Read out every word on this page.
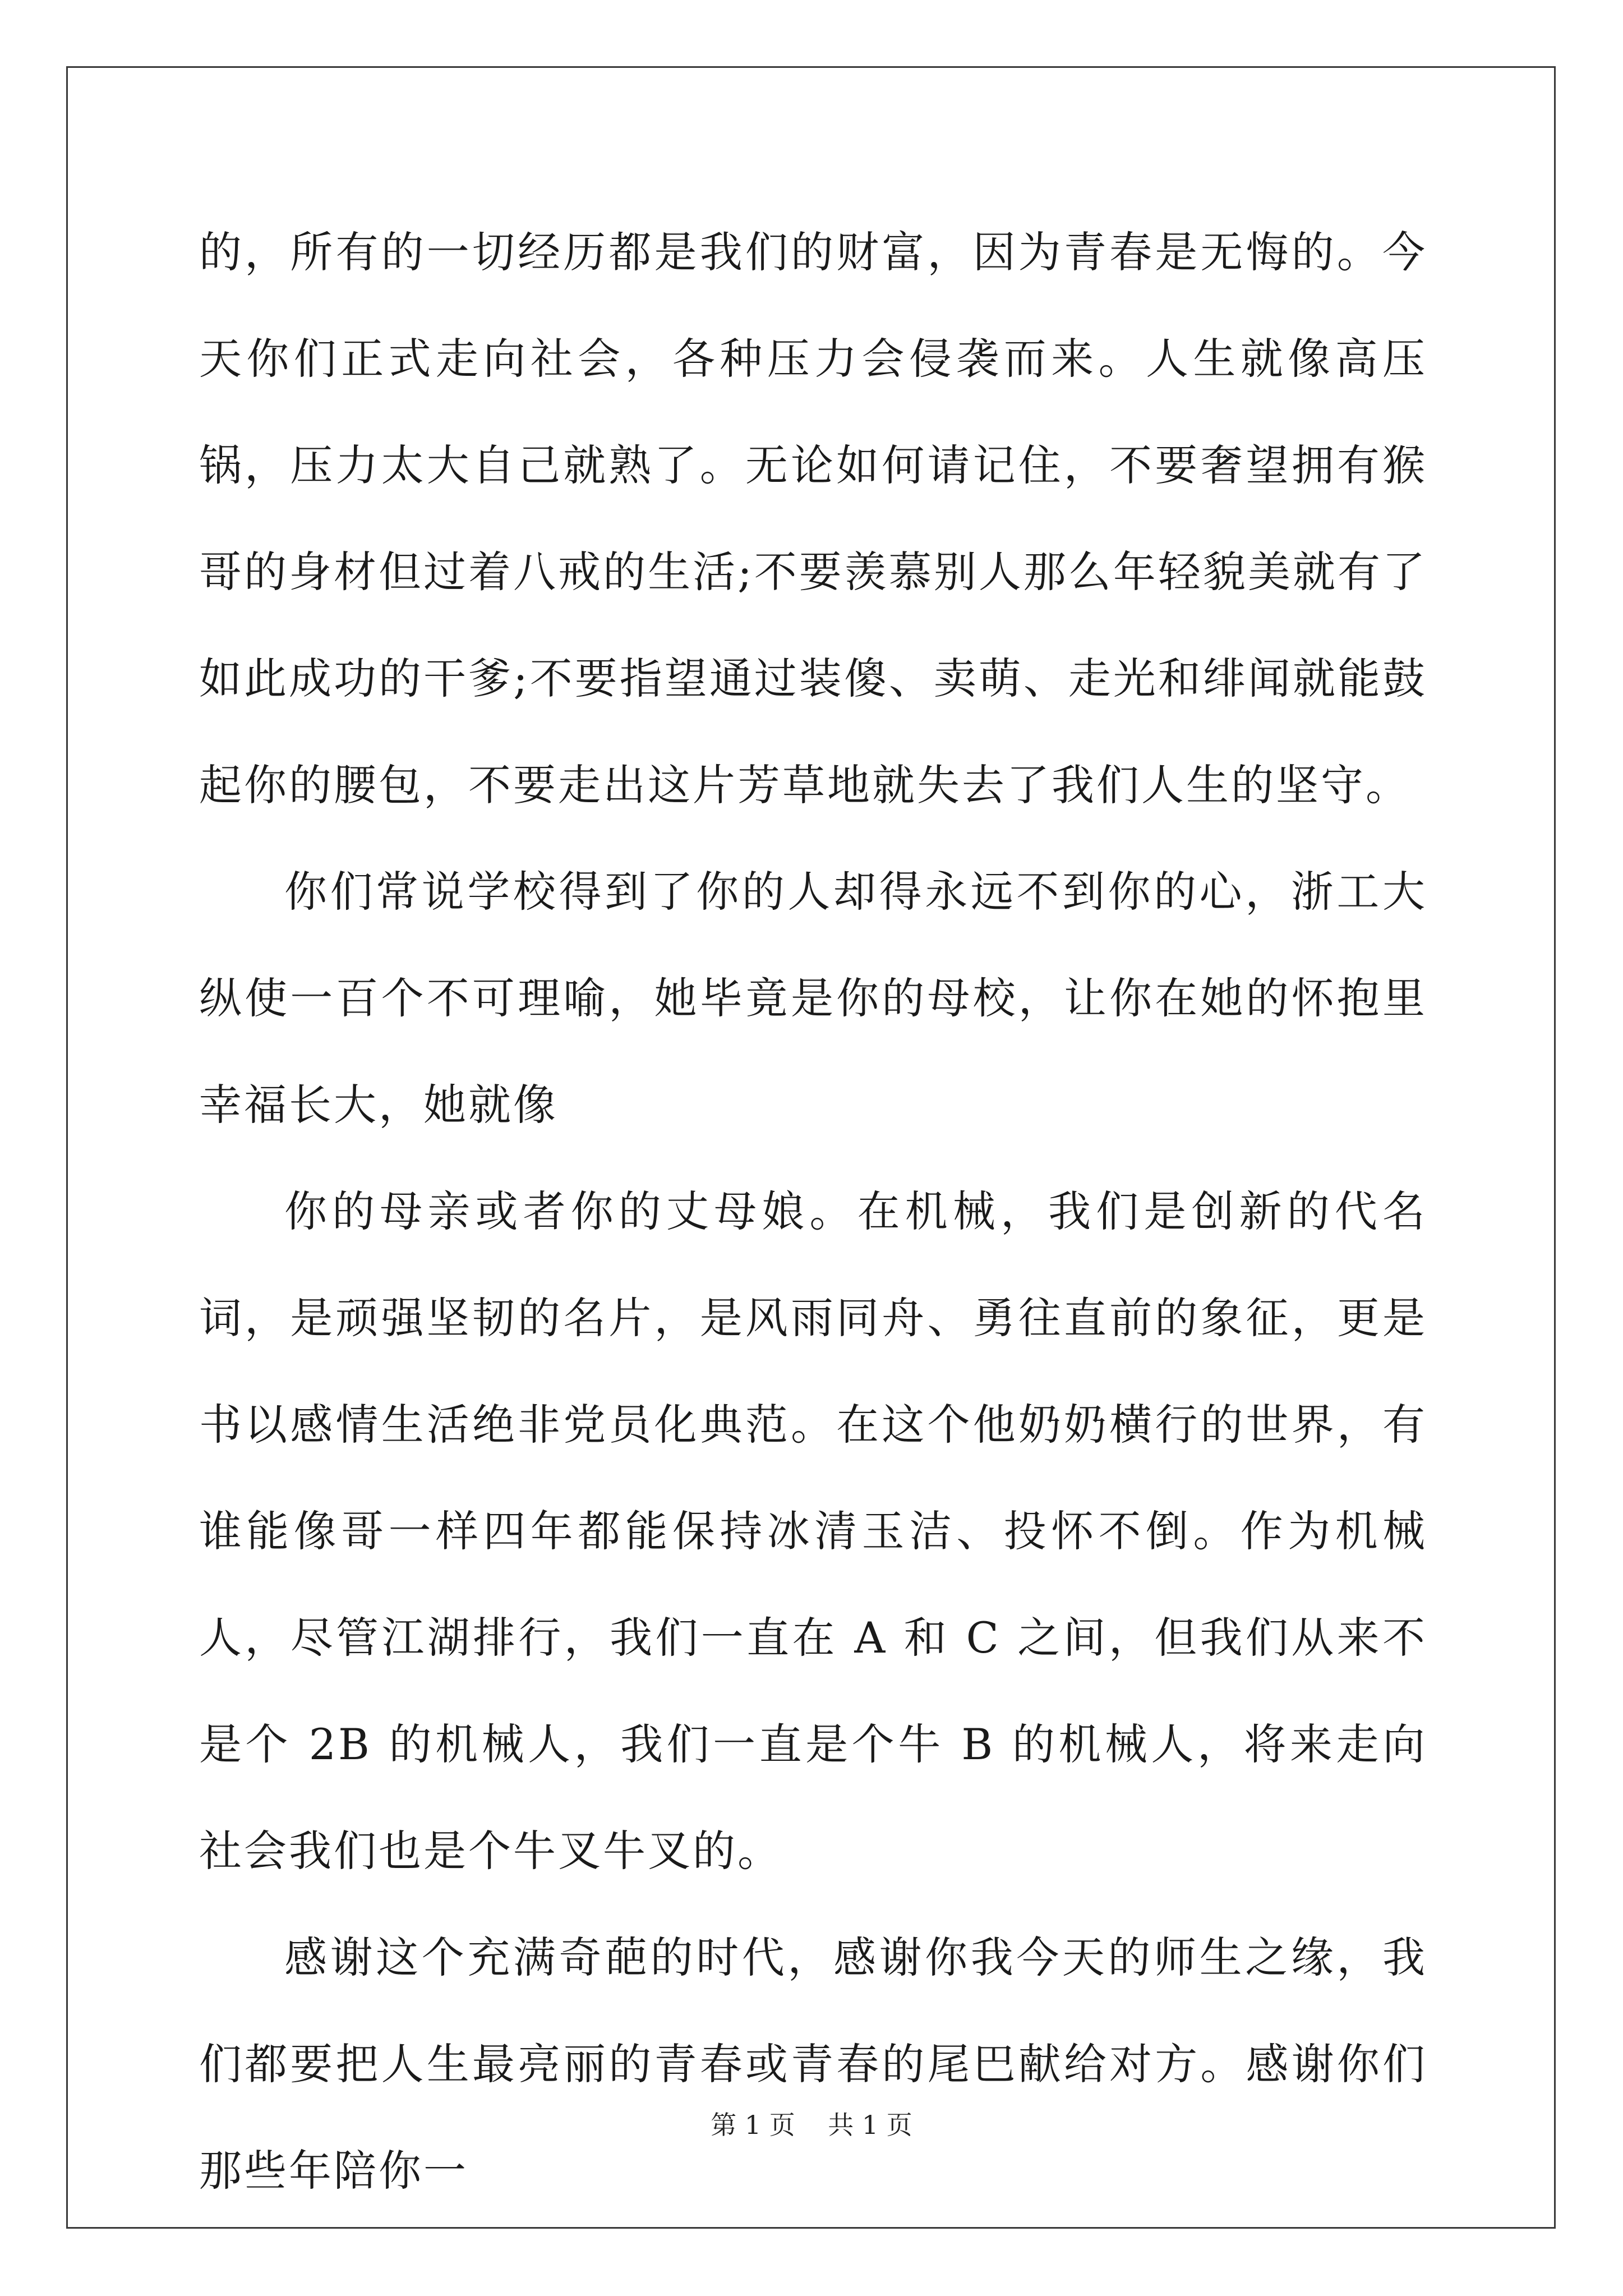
的，所有的一切经历都是我们的财富，因为青春是无悔的。今天你们正式走向社会，各种压力会侵袭而来。人生就像高压锅，压力太大自己就熟了。无论如何请记住，不要奢望拥有猴哥的身材但过着八戒的生活;不要羡慕别人那么年轻貌美就有了如此成功的干爹;不要指望通过装傻、卖萌、走光和绯闻就能鼓起你的腰包，不要走出这片芳草地就失去了我们人生的坚守。

你们常说学校得到了你的人却得永远不到你的心，浙工大纵使一百个不可理喻，她毕竟是你的母校，让你在她的怀抱里幸福长大，她就像

你的母亲或者你的丈母娘。在机械，我们是创新的代名词，是顽强坚韧的名片，是风雨同舟、勇往直前的象征，更是书以感情生活绝非党员化典范。在这个他奶奶横行的世界，有谁能像哥一样四年都能保持冰清玉洁、投怀不倒。作为机械人，尽管江湖排行，我们一直在 A 和 C 之间，但我们从来不是个 2B 的机械人，我们一直是个牛 B 的机械人，将来走向社会我们也是个牛叉牛叉的。

感谢这个充满奇葩的时代，感谢你我今天的师生之缘，我们都要把人生最亮丽的青春或青春的尾巴献给对方。感谢你们那些年陪你一

第 1 页 共 1 页
